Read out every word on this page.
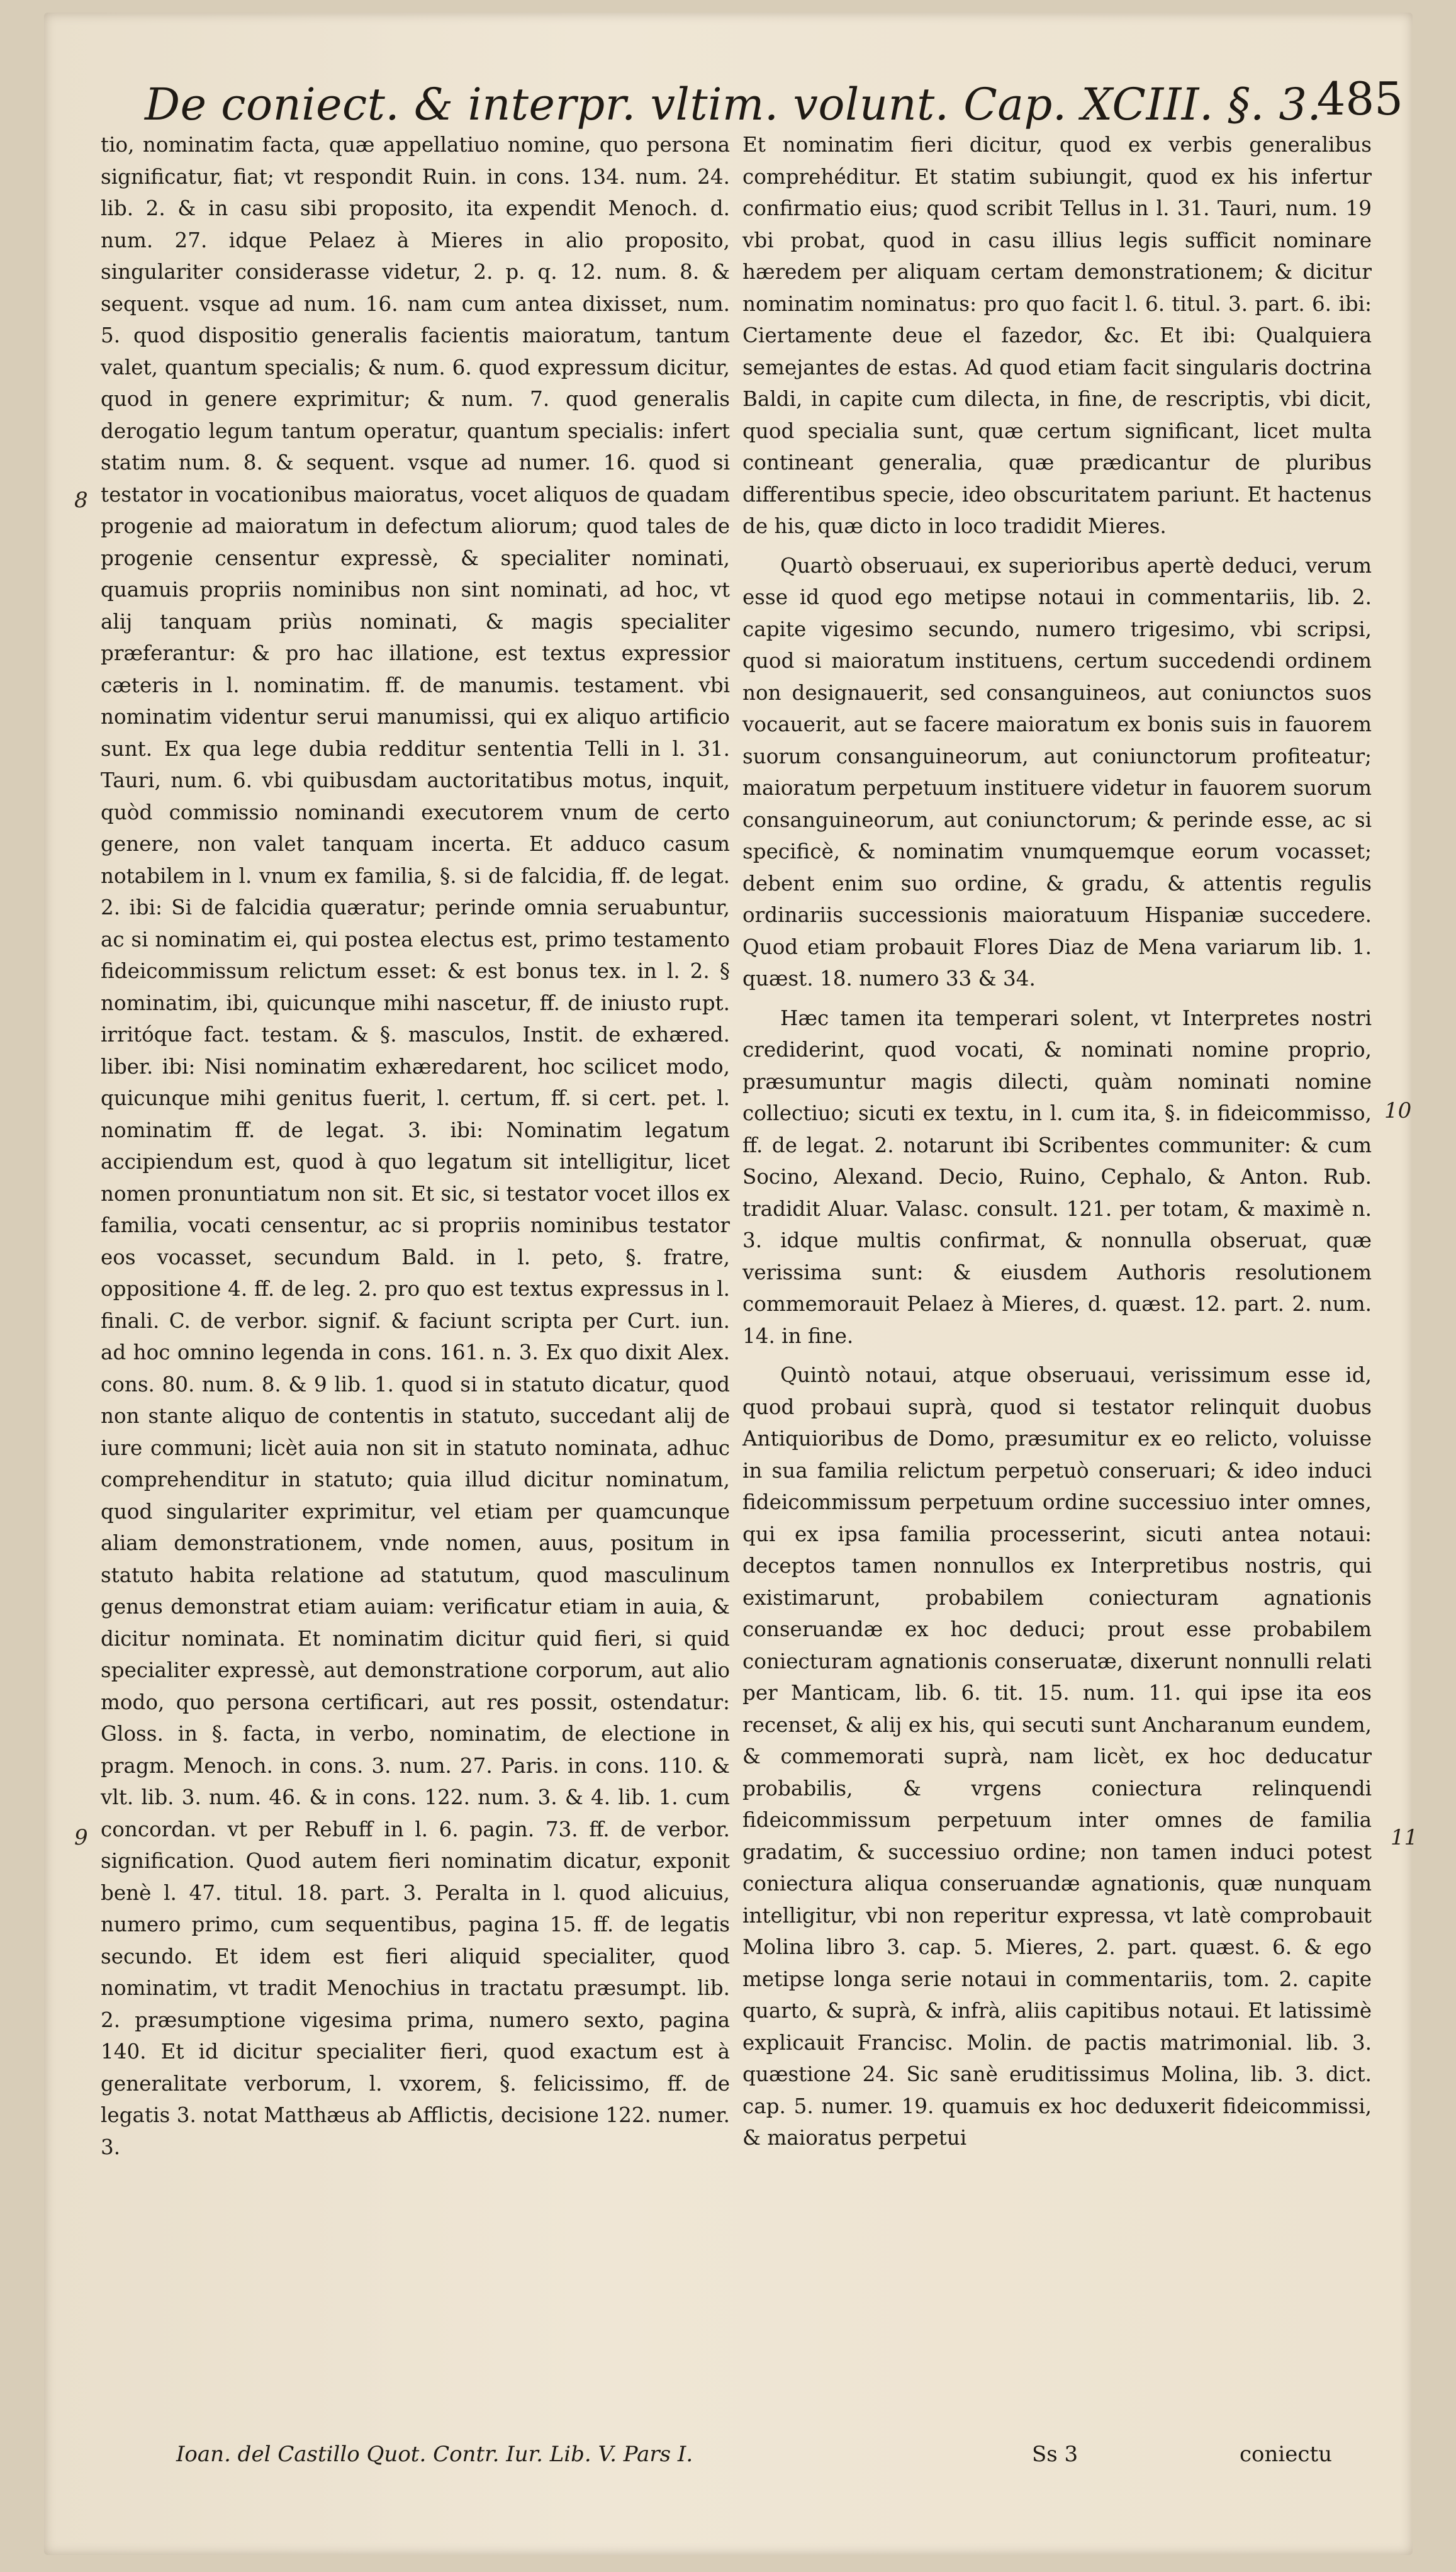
De coniect. & interpr. vltim. volunt. Cap. XCIII. §. 3.
485

tio, nominatim facta, quæ appellatiuo nomine, quo persona significatur, fiat; vt respondit Ruin. in cons. 134. num. 24. lib. 2. & in casu sibi proposito, ita expendit Menoch. d. num. 27. idque Pelaez à Mieres in alio proposito, singulariter considerasse videtur, 2. p. q. 12. num. 8. & sequent. vsque ad num. 16. nam cum antea dixisset, num. 5. quod dispositio generalis facientis maioratum, tantum valet, quantum specialis; & num. 6. quod expressum dicitur, quod in genere exprimitur; & num. 7. quod generalis derogatio legum tantum operatur, quantum specialis: infert statim num. 8. & sequent. vsque ad numer. 16. quod si testator in vocationibus maioratus, vocet aliquos de quadam progenie ad maioratum in defectum aliorum; quod tales de progenie censentur expressè, & specialiter nominati, quamuis propriis nominibus non sint nominati, ad hoc, vt alij tanquam priùs nominati, & magis specialiter præferantur: & pro hac illatione, est textus expressior cæteris in l. nominatim. ff. de manumis. testament. vbi nominatim videntur serui manumissi, qui ex aliquo artificio sunt. Ex qua lege dubia redditur sententia Telli in l. 31. Tauri, num. 6. vbi quibusdam auctoritatibus motus, inquit, quòd commissio nominandi executorem vnum de certo genere, non valet tanquam incerta. Et adduco casum notabilem in l. vnum ex familia, §. si de falcidia, ff. de legat. 2. ibi: Si de falcidia quæratur; perinde omnia seruabuntur, ac si nominatim ei, qui postea electus est, primo testamento fideicommissum relictum esset: & est bonus tex. in l. 2. § nominatim, ibi, quicunque mihi nascetur, ff. de iniusto rupt. irritóque fact. testam. & §. masculos, Instit. de exhæred. liber. ibi: Nisi nominatim exhæredarent, hoc scilicet modo, quicunque mihi genitus fuerit, l. certum, ff. si cert. pet. l. nominatim ff. de legat. 3. ibi: Nominatim legatum accipiendum est, quod à quo legatum sit intelligitur, licet nomen pronuntiatum non sit. Et sic, si testator vocet illos ex familia, vocati censentur, ac si propriis nominibus testator eos vocasset, secundum Bald. in l. peto, §. fratre, oppositione 4. ff. de leg. 2. pro quo est textus expressus in l. finali. C. de verbor. signif. & faciunt scripta per Curt. iun. ad hoc omnino legenda in cons. 161. n. 3. Ex quo dixit Alex. cons. 80. num. 8. & 9 lib. 1. quod si in statuto dicatur, quod non stante aliquo de contentis in statuto, succedant alij de iure communi; licèt auia non sit in statuto nominata, adhuc comprehenditur in statuto; quia illud dicitur nominatum, quod singulariter exprimitur, vel etiam per quamcunque aliam demonstrationem, vnde nomen, auus, positum in statuto habita relatione ad statutum, quod masculinum genus demonstrat etiam auiam: verificatur etiam in auia, & dicitur nominata. Et nominatim dicitur quid fieri, si quid specialiter expressè, aut demonstratione corporum, aut alio modo, quo persona certificari, aut res possit, ostendatur: Gloss. in §. facta, in verbo, nominatim, de electione in pragm. Menoch. in cons. 3. num. 27. Paris. in cons. 110. & vlt. lib. 3. num. 46. & in cons. 122. num. 3. & 4. lib. 1. cum concordan. vt per Rebuff in l. 6. pagin. 73. ff. de verbor. signification. Quod autem fieri nominatim dicatur, exponit benè l. 47. titul. 18. part. 3. Peralta in l. quod alicuius, numero primo, cum sequentibus, pagina 15. ff. de legatis secundo. Et idem est fieri aliquid specialiter, quod nominatim, vt tradit Menochius in tractatu præsumpt. lib. 2. præsumptione vigesima prima, numero sexto, pagina 140. Et id dicitur specialiter fieri, quod exactum est à generalitate verborum, l. vxorem, §. felicissimo, ff. de legatis 3. notat Matthæus ab Afflictis, decisione 122. numer. 3.

Et nominatim fieri dicitur, quod ex verbis generalibus comprehéditur. Et statim subiungit, quod ex his infertur confirmatio eius; quod scribit Tellus in l. 31. Tauri, num. 19 vbi probat, quod in casu illius legis sufficit nominare hæredem per aliquam certam demonstrationem; & dicitur nominatim nominatus: pro quo facit l. 6. titul. 3. part. 6. ibi: Ciertamente deue el fazedor, &c. Et ibi: Qualquiera semejantes de estas. Ad quod etiam facit singularis doctrina Baldi, in capite cum dilecta, in fine, de rescriptis, vbi dicit, quod specialia sunt, quæ certum significant, licet multa contineant generalia, quæ prædicantur de pluribus differentibus specie, ideo obscuritatem pariunt. Et hactenus de his, quæ dicto in loco tradidit Mieres.

Quartò obseruaui, ex superioribus apertè deduci, verum esse id quod ego metipse notaui in commentariis, lib. 2. capite vigesimo secundo, numero trigesimo, vbi scripsi, quod si maioratum instituens, certum succedendi ordinem non designauerit, sed consanguineos, aut coniunctos suos vocauerit, aut se facere maioratum ex bonis suis in fauorem suorum consanguineorum, aut coniunctorum profiteatur; maioratum perpetuum instituere videtur in fauorem suorum consanguineorum, aut coniunctorum; & perinde esse, ac si specificè, & nominatim vnumquemque eorum vocasset; debent enim suo ordine, & gradu, & attentis regulis ordinariis successionis maioratuum Hispaniæ succedere. Quod etiam probauit Flores Diaz de Mena variarum lib. 1. quæst. 18. numero 33 & 34.

Hæc tamen ita temperari solent, vt Interpretes nostri crediderint, quod vocati, & nominati nomine proprio, præsumuntur magis dilecti, quàm nominati nomine collectiuo; sicuti ex textu, in l. cum ita, §. in fideicommisso, ff. de legat. 2. notarunt ibi Scribentes communiter: & cum Socino, Alexand. Decio, Ruino, Cephalo, & Anton. Rub. tradidit Aluar. Valasc. consult. 121. per totam, & maximè n. 3. idque multis confirmat, & nonnulla obseruat, quæ verissima sunt: & eiusdem Authoris resolutionem commemorauit Pelaez à Mieres, d. quæst. 12. part. 2. num. 14. in fine.

Quintò notaui, atque obseruaui, verissimum esse id, quod probaui suprà, quod si testator relinquit duobus Antiquioribus de Domo, præsumitur ex eo relicto, voluisse in sua familia relictum perpetuò conseruari; & ideo induci fideicommissum perpetuum ordine successiuo inter omnes, qui ex ipsa familia processerint, sicuti antea notaui: deceptos tamen nonnullos ex Interpretibus nostris, qui existimarunt, probabilem coniecturam agnationis conseruandæ ex hoc deduci; prout esse probabilem coniecturam agnationis conseruatæ, dixerunt nonnulli relati per Manticam, lib. 6. tit. 15. num. 11. qui ipse ita eos recenset, & alij ex his, qui secuti sunt Ancharanum eundem, & commemorati suprà, nam licèt, ex hoc deducatur probabilis, & vrgens coniectura relinquendi fideicommissum perpetuum inter omnes de familia gradatim, & successiuo ordine; non tamen induci potest coniectura aliqua conseruandæ agnationis, quæ nunquam intelligitur, vbi non reperitur expressa, vt latè comprobauit Molina libro 3. cap. 5. Mieres, 2. part. quæst. 6. & ego metipse longa serie notaui in commentariis, tom. 2. capite quarto, & suprà, & infrà, aliis capitibus notaui. Et latissimè explicauit Francisc. Molin. de pactis matrimonial. lib. 3. quæstione 24. Sic sanè eruditissimus Molina, lib. 3. dict. cap. 5. numer. 19. quamuis ex hoc deduxerit fideicommissi, & maioratus perpetui

8
9
10
11
Ioan. del Castillo Quot. Contr. Iur. Lib. V. Pars I.	Ss 3	coniectu
